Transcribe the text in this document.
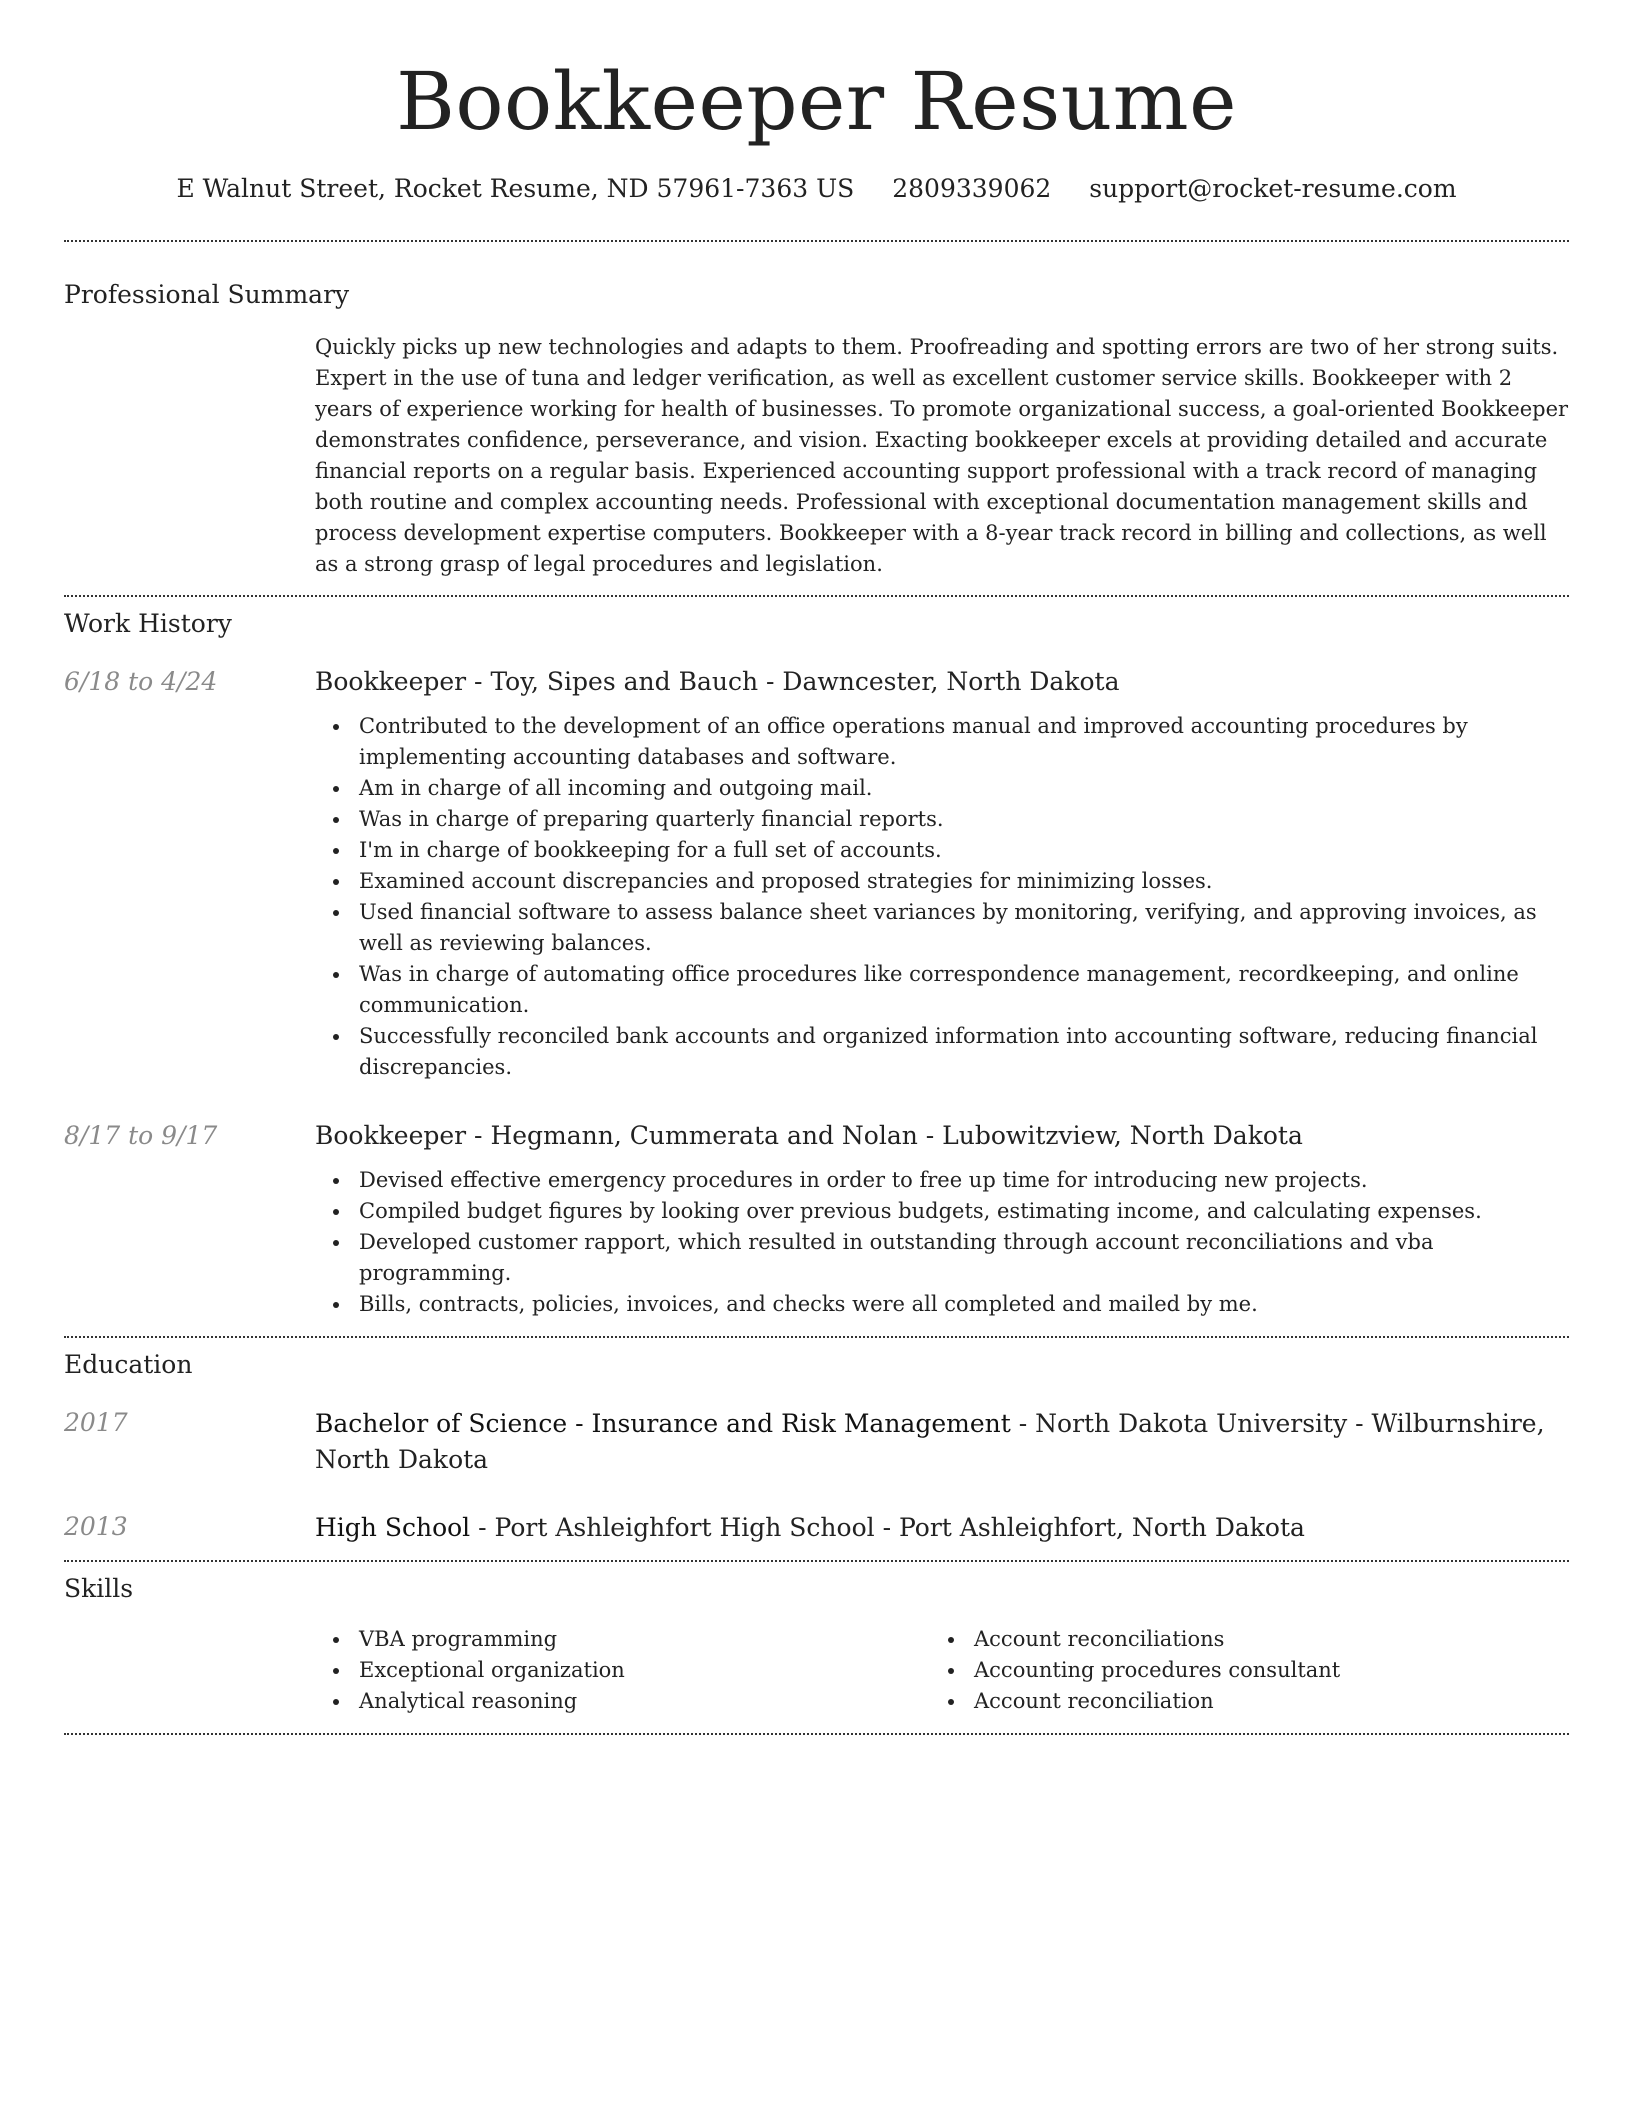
Bookkeeper Resume
E Walnut Street, Rocket Resume, ND 57961-7363 US 2809339062 support@rocket-resume.com
Professional Summary

Quickly picks up new technologies and adapts to them. Proofreading and spotting errors are two of her strong suits. Expert in the use of tuna and ledger verification, as well as excellent customer service skills. Bookkeeper with 2 years of experience working for health of businesses. To promote organizational success, a goal-oriented Bookkeeper demonstrates confidence, perseverance, and vision. Exacting bookkeeper excels at providing detailed and accurate financial reports on a regular basis. Experienced accounting support professional with a track record of managing both routine and complex accounting needs. Professional with exceptional documentation management skills and process development expertise computers. Bookkeeper with a 8-year track record in billing and collections, as well as a strong grasp of legal procedures and legislation.

Work History
6/18 to 4/24	Bookkeeper - Toy, Sipes and Bauch - Dawncester, North Dakota
Contributed to the development of an office operations manual and improved accounting procedures by implementing accounting databases and software.
Am in charge of all incoming and outgoing mail.
Was in charge of preparing quarterly financial reports.
I'm in charge of bookkeeping for a full set of accounts.
Examined account discrepancies and proposed strategies for minimizing losses.
Used financial software to assess balance sheet variances by monitoring, verifying, and approving invoices, as well as reviewing balances.
Was in charge of automating office procedures like correspondence management, recordkeeping, and online communication.
Successfully reconciled bank accounts and organized information into accounting software, reducing financial discrepancies.
8/17 to 9/17	Bookkeeper - Hegmann, Cummerata and Nolan - Lubowitzview, North Dakota
Devised effective emergency procedures in order to free up time for introducing new projects.
Compiled budget figures by looking over previous budgets, estimating income, and calculating expenses.
Developed customer rapport, which resulted in outstanding through account reconciliations and vba programming.
Bills, contracts, policies, invoices, and checks were all completed and mailed by me.
Education
2017	Bachelor of Science - Insurance and Risk Management - North Dakota University - Wilburnshire, North Dakota
2013	High School - Port Ashleighfort High School - Port Ashleighfort, North Dakota
Skills
VBA programming
Exceptional organization
Analytical reasoning
Account reconciliations
Accounting procedures consultant
Account reconciliation
